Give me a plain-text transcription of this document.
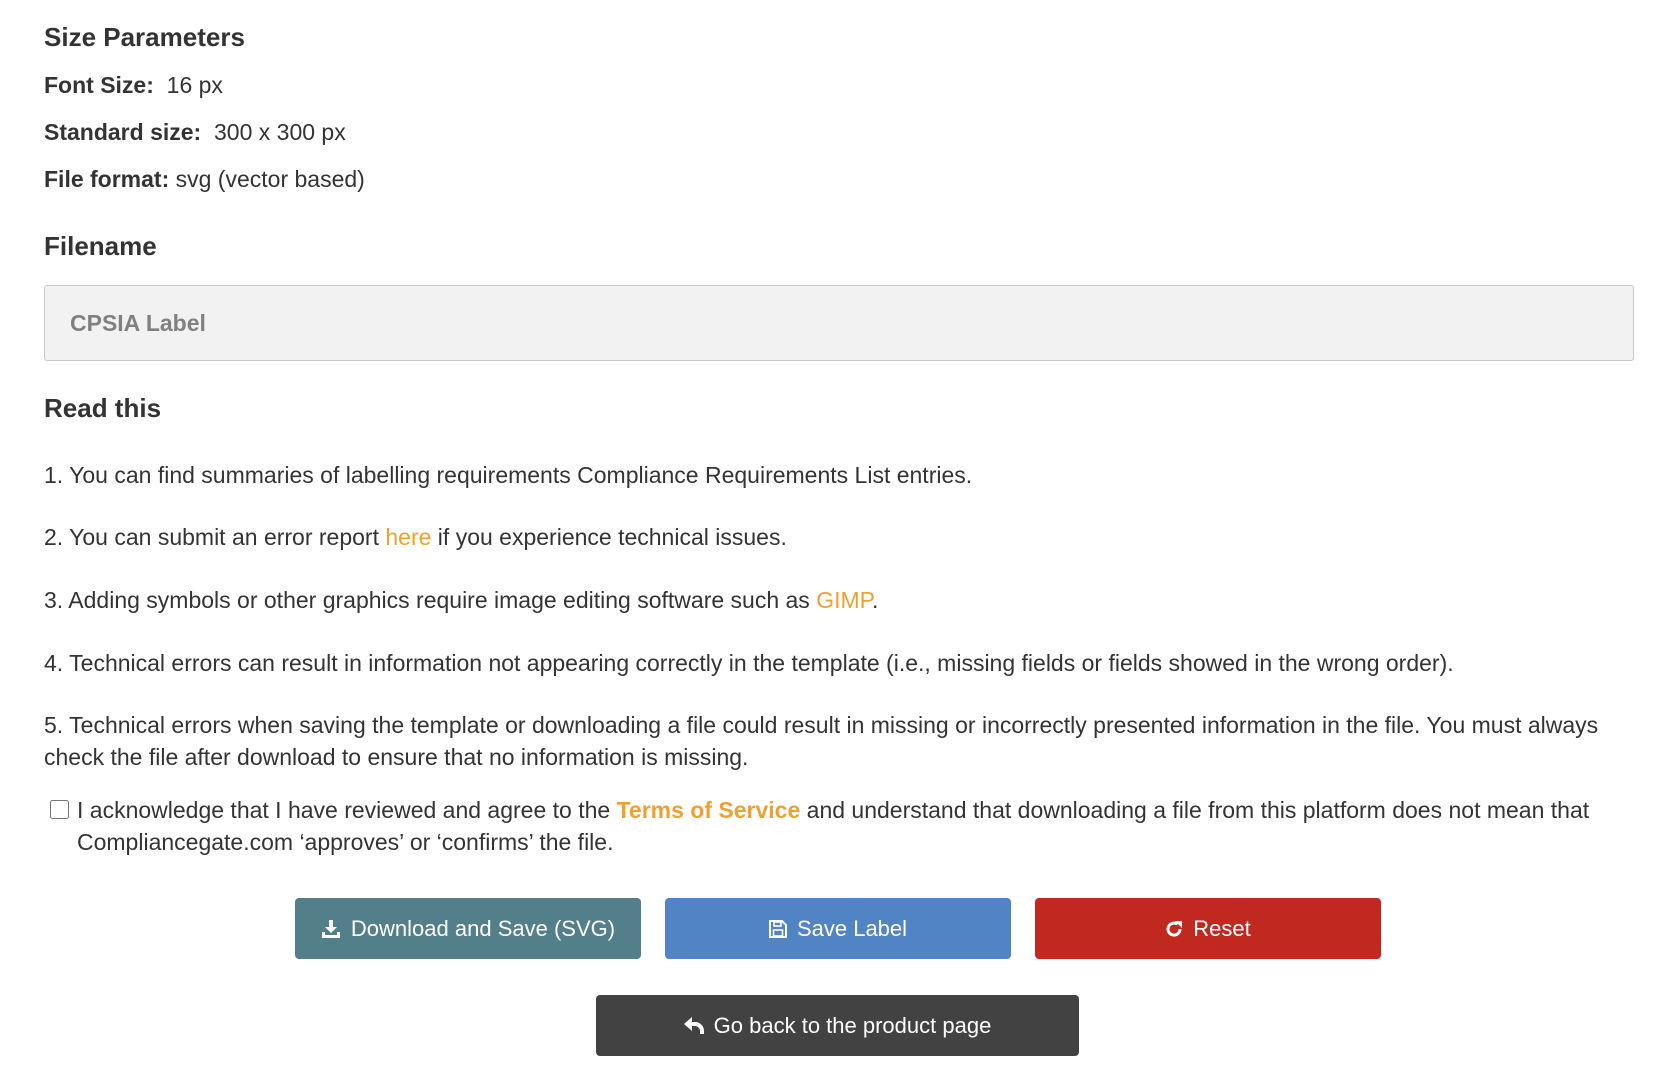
Size Parameters

Font Size: 16 px

Standard size: 300 x 300 px

File format: svg (vector based)

Filename
CPSIA Label
Read this

1. You can find summaries of labelling requirements Compliance Requirements List entries.

2. You can submit an error report here if you experience technical issues.

3. Adding symbols or other graphics require image editing software such as GIMP.

4. Technical errors can result in information not appearing correctly in the template (i.e., missing fields or fields showed in the wrong order).

5. Technical errors when saving the template or downloading a file could result in missing or incorrectly presented information in the file. You must always check the file after download to ensure that no information is missing.

I acknowledge that I have reviewed and agree to the Terms of Service and understand that downloading a file from this platform does not mean that Compliancegate.com ‘approves’ or ‘confirms’ the file.

Download and Save (SVG)	Save Label	Reset
Go back to the product page
